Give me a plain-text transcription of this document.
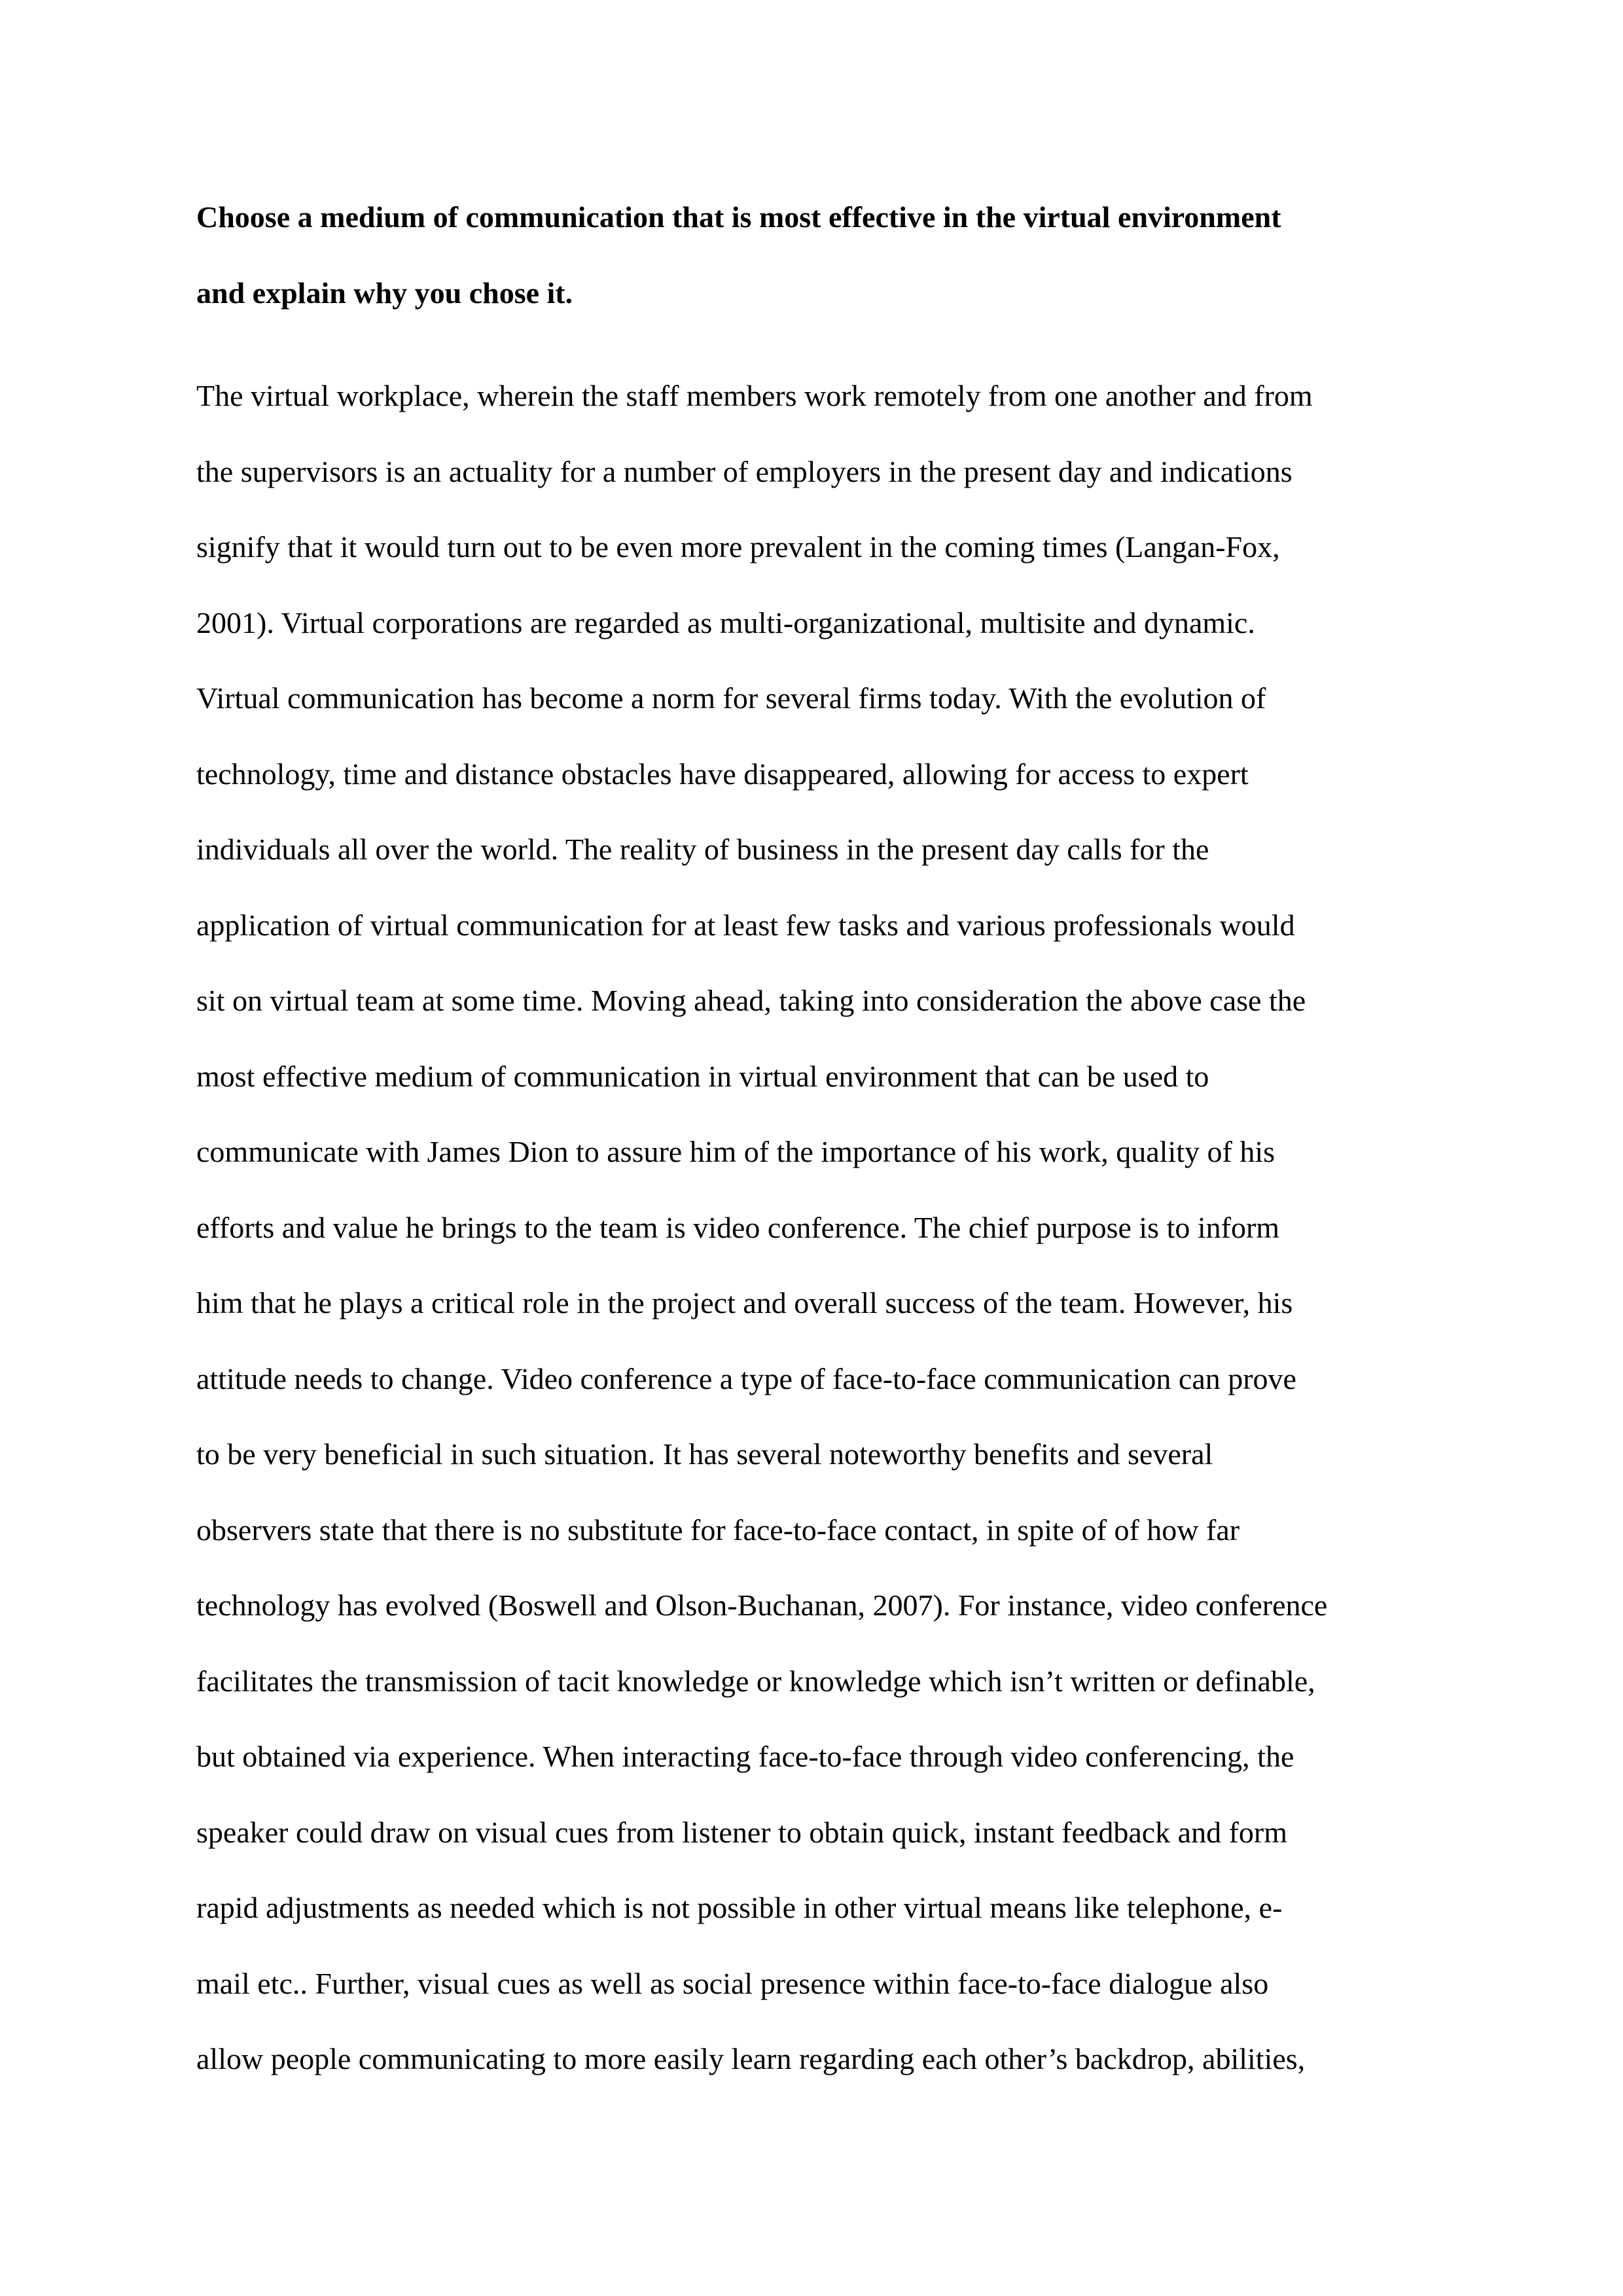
Choose a medium of communication that is most effective in the virtual environment
and explain why you chose it.
The virtual workplace, wherein the staff members work remotely from one another and from
the supervisors is an actuality for a number of employers in the present day and indications
signify that it would turn out to be even more prevalent in the coming times (Langan-Fox,
2001). Virtual corporations are regarded as multi-organizational, multisite and dynamic.
Virtual communication has become a norm for several firms today. With the evolution of
technology, time and distance obstacles have disappeared, allowing for access to expert
individuals all over the world. The reality of business in the present day calls for the
application of virtual communication for at least few tasks and various professionals would
sit on virtual team at some time. Moving ahead, taking into consideration the above case the
most effective medium of communication in virtual environment that can be used to
communicate with James Dion to assure him of the importance of his work, quality of his
efforts and value he brings to the team is video conference. The chief purpose is to inform
him that he plays a critical role in the project and overall success of the team. However, his
attitude needs to change. Video conference a type of face-to-face communication can prove
to be very beneficial in such situation. It has several noteworthy benefits and several
observers state that there is no substitute for face-to-face contact, in spite of of how far
technology has evolved (Boswell and Olson-Buchanan, 2007). For instance, video conference
facilitates the transmission of tacit knowledge or knowledge which isn’t written or definable,
but obtained via experience. When interacting face-to-face through video conferencing, the
speaker could draw on visual cues from listener to obtain quick, instant feedback and form
rapid adjustments as needed which is not possible in other virtual means like telephone, e-
mail etc.. Further, visual cues as well as social presence within face-to-face dialogue also
allow people communicating to more easily learn regarding each other’s backdrop, abilities,
